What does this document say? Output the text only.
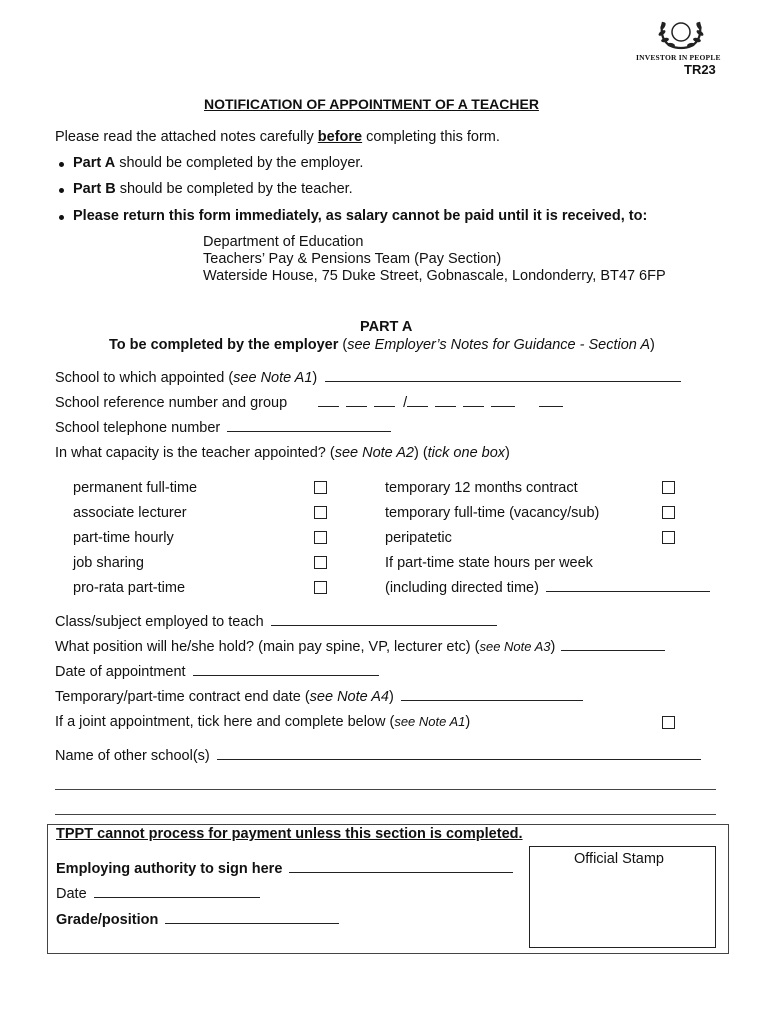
INVESTOR IN PEOPLE
TR23
NOTIFICATION OF APPOINTMENT OF A TEACHER
Please read the attached notes carefully before completing this form.
Part A should be completed by the employer.
Part B should be completed by the teacher.
Please return this form immediately, as salary cannot be paid until it is received, to:
Department of Education
Teachers’ Pay & Pensions Team (Pay Section)
Waterside House, 75 Duke Street, Gobnascale, Londonderry, BT47 6FP
PART A
To be completed by the employer (see Employer’s Notes for Guidance - Section A)
School to which appointed (see Note A1)
School reference number and group	/
School telephone number
In what capacity is the teacher appointed? (see Note A2) (tick one box)
permanent full-time
associate lecturer
part-time hourly
job sharing
pro-rata part-time
temporary 12 months contract
temporary full-time (vacancy/sub)
peripatetic
If part-time state hours per week
(including directed time)
Class/subject employed to teach
What position will he/she hold? (main pay spine, VP, lecturer etc) (see Note A3)
Date of appointment
Temporary/part-time contract end date (see Note A4)
If a joint appointment, tick here and complete below (see Note A1)
Name of other school(s)
TPPT cannot process for payment unless this section is completed.
Employing authority to sign here
Date
Grade/position
Official Stamp
